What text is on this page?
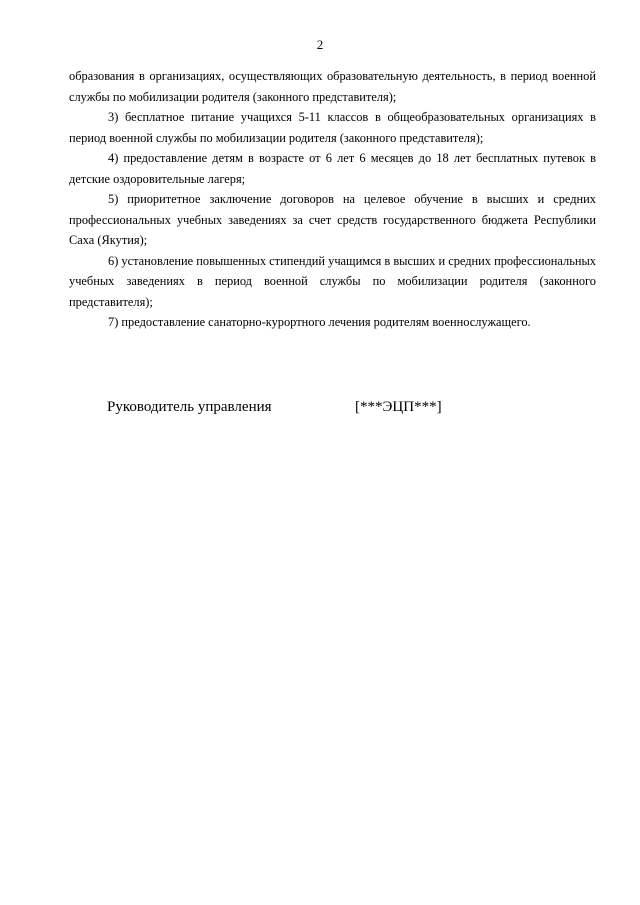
2

образования в организациях, осуществляющих образовательную деятельность, в период военной службы по мобилизации родителя (законного представителя);

3) бесплатное питание учащихся 5-11 классов в общеобразовательных организациях в период военной службы по мобилизации родителя (законного представителя);

4) предоставление детям в возрасте от 6 лет 6 месяцев до 18 лет бесплатных путевок в детские оздоровительные лагеря;

5) приоритетное заключение договоров на целевое обучение в высших и средних профессиональных учебных заведениях за счет средств государственного бюджета Республики Саха (Якутия);

6) установление повышенных стипендий учащимся в высших и средних профессиональных учебных заведениях в период военной службы по мобилизации родителя (законного представителя);

7) предоставление санаторно-курортного лечения родителям военнослужащего.

Руководитель управления	[***ЭЦП***]
